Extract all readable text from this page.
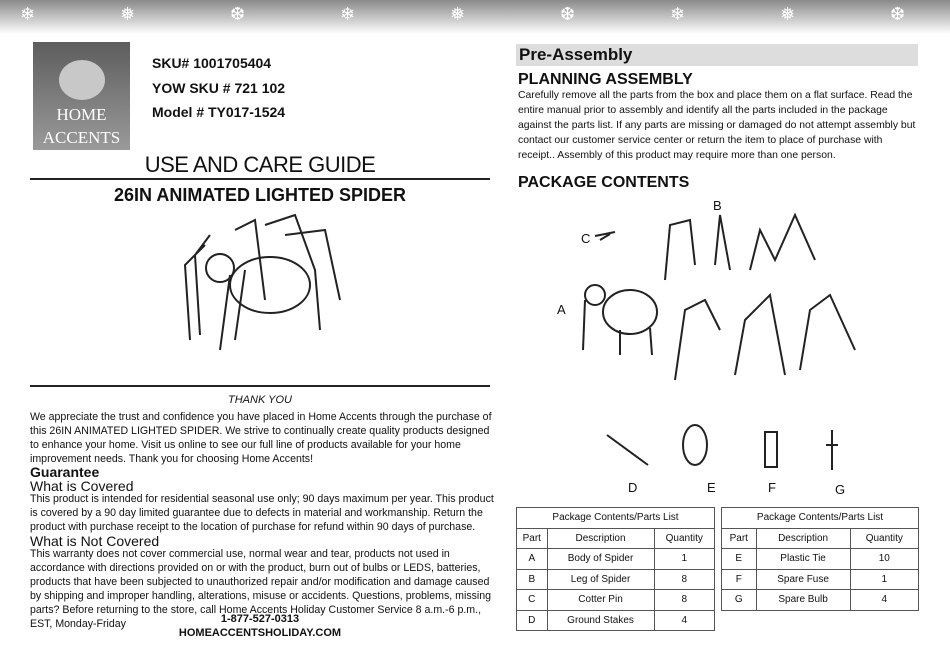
❄	❅	❆	❄	❅	❆	❄	❅	❆
HOME
ACCENTS
SKU# 1001705404
YOW SKU # 721 102
Model # TY017-1524
USE AND CARE GUIDE
26IN ANIMATED LIGHTED SPIDER
THANK YOU
We appreciate the trust and confidence you have placed in Home Accents through the purchase of this 26IN ANIMATED LIGHTED SPIDER. We strive to continually create quality products designed to enhance your home. Visit us online to see our full line of products available for your home improvement needs. Thank you for choosing Home Accents!
Guarantee
What is Covered
This product is intended for residential seasonal use only; 90 days maximum per year. This product is covered by a 90 day limited guarantee due to defects in material and workmanship. Return the product with purchase receipt to the location of purchase for refund within 90 days of purchase.
What is Not Covered
This warranty does not cover commercial use, normal wear and tear, products not used in accordance with directions provided on or with the product, burn out of bulbs or LEDS, batteries, products that have been subjected to unauthorized repair and/or modification and damage caused by shipping and improper handling, alterations, misuse or accidents. Questions, problems, missing parts? Before returning to the store, call Home Accents Holiday Customer Service 8 a.m.-6 p.m., EST, Monday-Friday	1-877-527-0313
HOMEACCENTSHOLIDAY.COM
Pre-Assembly
PLANNING ASSEMBLY
Carefully remove all the parts from the box and place them on a flat surface. Read the entire manual prior to assembly and identify all the parts included in the package against the parts list. If any parts are missing or damaged do not attempt assembly but contact our customer service center or return the item to place of purchase with receipt.. Assembly of this product may require more than one person.
PACKAGE CONTENTS
B
C
A
D	E	F	G
Package Contents/Parts List		
Part	Description	Quantity
A	Body of Spider	1
B	Leg of Spider	8
C	Cotter Pin	8
D	Ground Stakes	4
Package Contents/Parts List		
Part	Description	Quantity
E	Plastic Tie	10
F	Spare Fuse	1
G	Spare Bulb	4
